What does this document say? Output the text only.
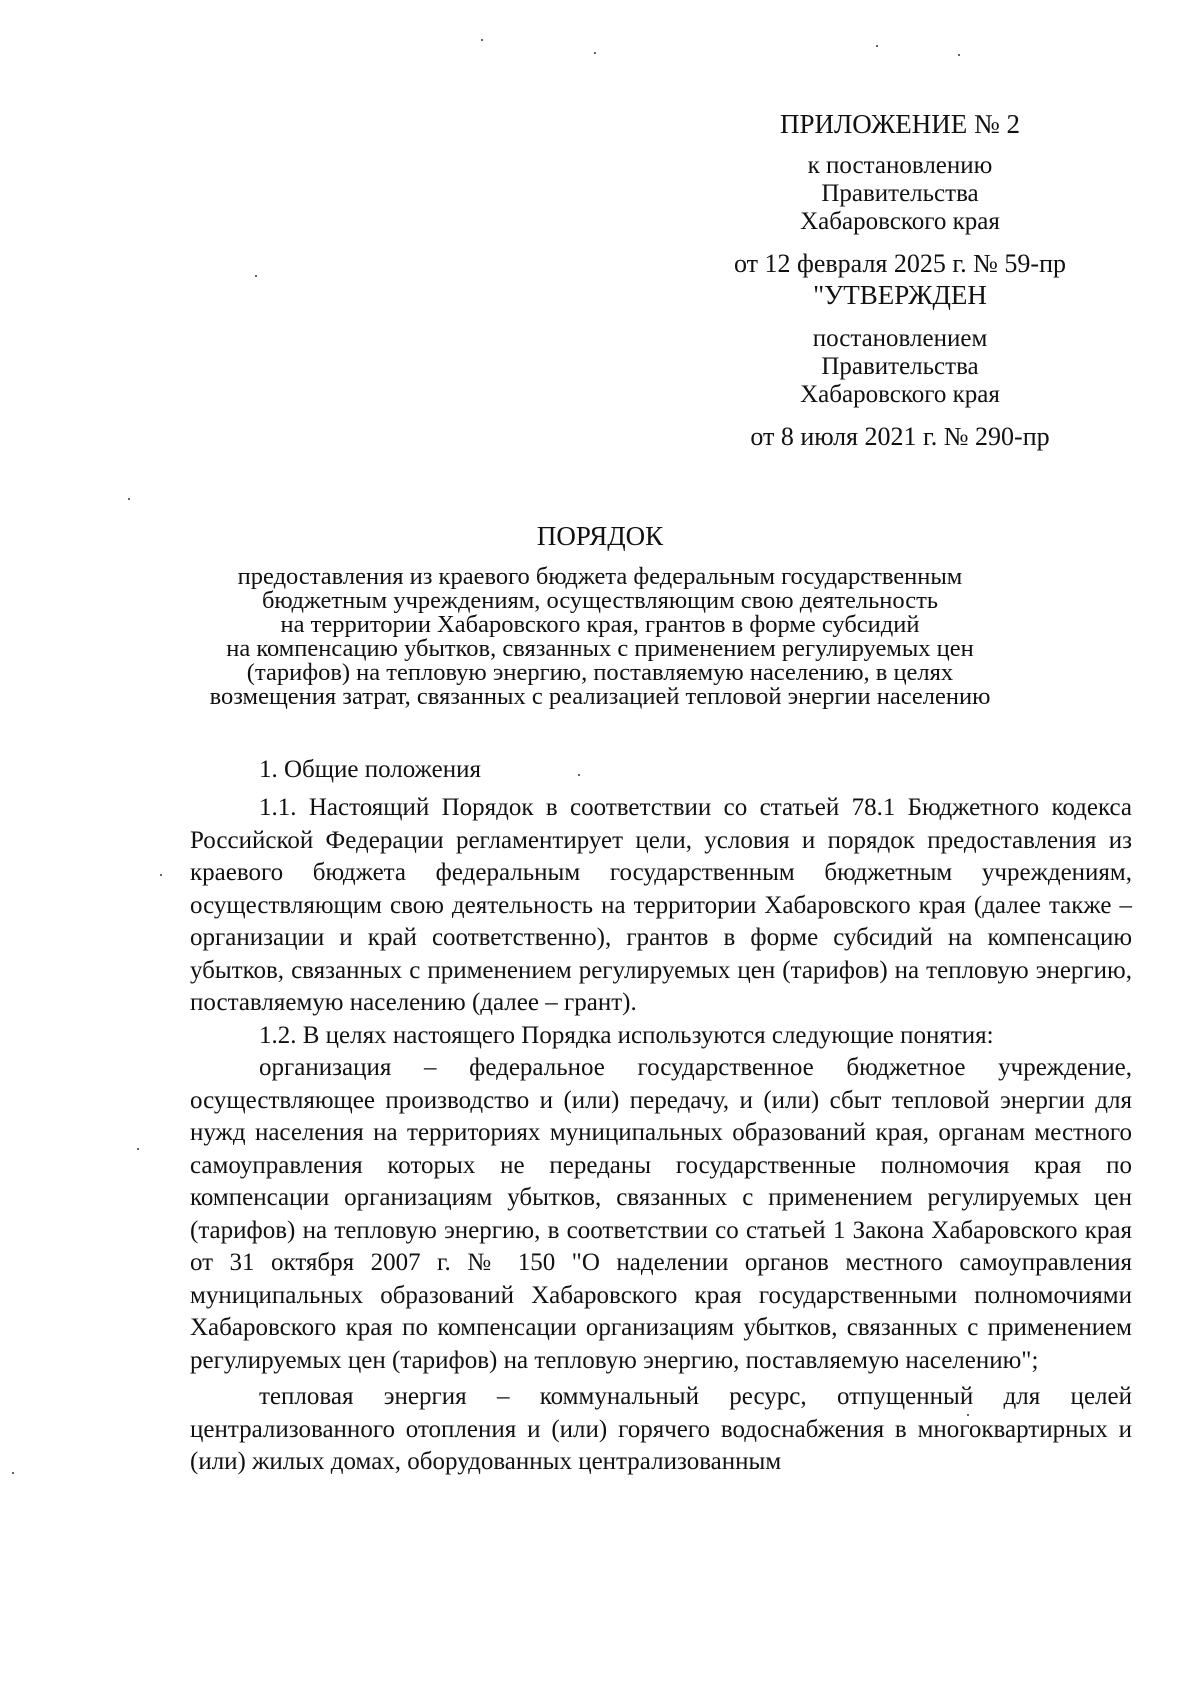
ПРИЛОЖЕНИЕ № 2
к постановлению
Правительства
Хабаровского края
от 12 февраля 2025 г. № 59-пр
"УТВЕРЖДЕН
постановлением
Правительства
Хабаровского края
от 8 июля 2021 г. № 290-пр
ПОРЯДОК
предоставления из краевого бюджета федеральным государственным
бюджетным учреждениям, осуществляющим свою деятельность
на территории Хабаровского края, грантов в форме субсидий
на компенсацию убытков, связанных с применением регулируемых цен
(тарифов) на тепловую энергию, поставляемую населению, в целях
возмещения затрат, связанных с реализацией тепловой энергии населению
1. Общие положения

1.1. Настоящий Порядок в соответствии со статьей 78.1 Бюджетного кодекса Российской Федерации регламентирует цели, условия и порядок предоставления из краевого бюджета федеральным государственным бюджетным учреждениям, осуществляющим свою деятельность на территории Хабаровского края (далее также – организации и край соответственно), грантов в форме субсидий на компенсацию убытков, связанных с применением регулируемых цен (тарифов) на тепловую энергию, поставляемую населению (далее – грант).

1.2. В целях настоящего Порядка используются следующие понятия:

организация – федеральное государственное бюджетное учреждение, осуществляющее производство и (или) передачу, и (или) сбыт тепловой энергии для нужд населения на территориях муниципальных образований края, органам местного самоуправления которых не переданы государственные полномочия края по компенсации организациям убытков, связанных с применением регулируемых цен (тарифов) на тепловую энергию, в соответствии со статьей 1 Закона Хабаровского края от 31 октября 2007 г. № 150 "О наделении органов местного самоуправления муниципальных образований Хабаровского края государственными полномочиями Хабаровского края по компенсации организациям убытков, связанных с применением регулируемых цен (тарифов) на тепловую энергию, поставляемую населению";

тепловая энергия – коммунальный ресурс, отпущенный для целей централизованного отопления и (или) горячего водоснабжения в многоквартирных и (или) жилых домах, оборудованных централизованным
